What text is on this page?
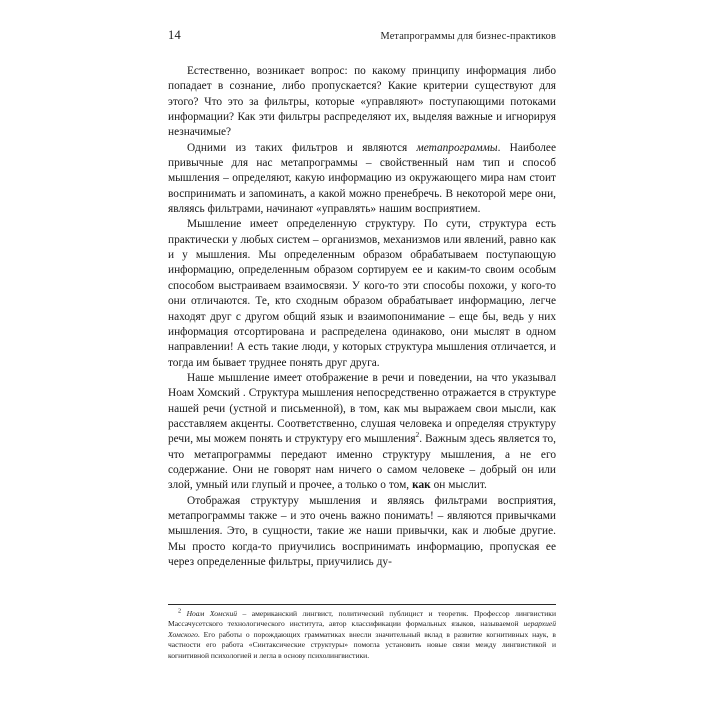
14	Метапрограммы для бизнес-практиков

Естественно, возникает вопрос: по какому принципу информация либо попадает в сознание, либо пропускается? Какие критерии существуют для этого? Что это за фильтры, которые «управляют» поступающими потоками информации? Как эти фильтры распределяют их, выделяя важные и игнорируя незначимые?

Одними из таких фильтров и являются метапрограммы. Наиболее привычные для нас метапрограммы – свойственный нам тип и способ мышления – определяют, какую информацию из окружающего мира нам стоит воспринимать и запоминать, а какой можно пренебречь. В некоторой мере они, являясь фильтрами, начинают «управлять» нашим восприятием.

Мышление имеет определенную структуру. По сути, структура есть практически у любых систем – организмов, механизмов или явлений, равно как и у мышления. Мы определенным образом обрабатываем поступающую информацию, определенным образом сортируем ее и каким-то своим особым способом выстраиваем взаимосвязи. У кого-то эти способы похожи, у кого-то они отличаются. Те, кто сходным образом обрабатывает информацию, легче находят друг с другом общий язык и взаимопонимание – еще бы, ведь у них информация отсортирована и распределена одинаково, они мыслят в одном направлении! А есть такие люди, у которых структура мышления отличается, и тогда им бывает труднее понять друг друга.

Наше мышление имеет отображение в речи и поведении, на что указывал Ноам Хомский . Структура мышления непосредственно отражается в структуре нашей речи (устной и письменной), в том, как мы выражаем свои мысли, как расставляем акценты. Соответственно, слушая человека и определяя структуру речи, мы можем понять и структуру его мышления$^2$. Важным здесь является то, что метапрограммы передают именно структуру мышления, а не его содержание. Они не говорят нам ничего о самом человеке – добрый он или злой, умный или глупый и прочее, а только о том, как он мыслит.

Отображая структуру мышления и являясь фильтрами восприятия, метапрограммы также – и это очень важно понимать! – являются привычками мышления. Это, в сущности, такие же наши привычки, как и любые другие. Мы просто когда-то приучились воспринимать информацию, пропуская ее через определенные фильтры, приучились ду-

$^2$ Ноам Хомский – американский лингвист, политический публицист и теоретик. Профессор лингвистики Массачусетского технологического института, автор классификации формальных языков, называемой иерархией Хомского. Его работы о порождающих грамматиках внесли значительный вклад в развитие когнитивных наук, в частности его работа «Синтаксические структуры» помогла установить новые связи между лингвистикой и когнитивной психологией и легла в основу психолингвистики.
